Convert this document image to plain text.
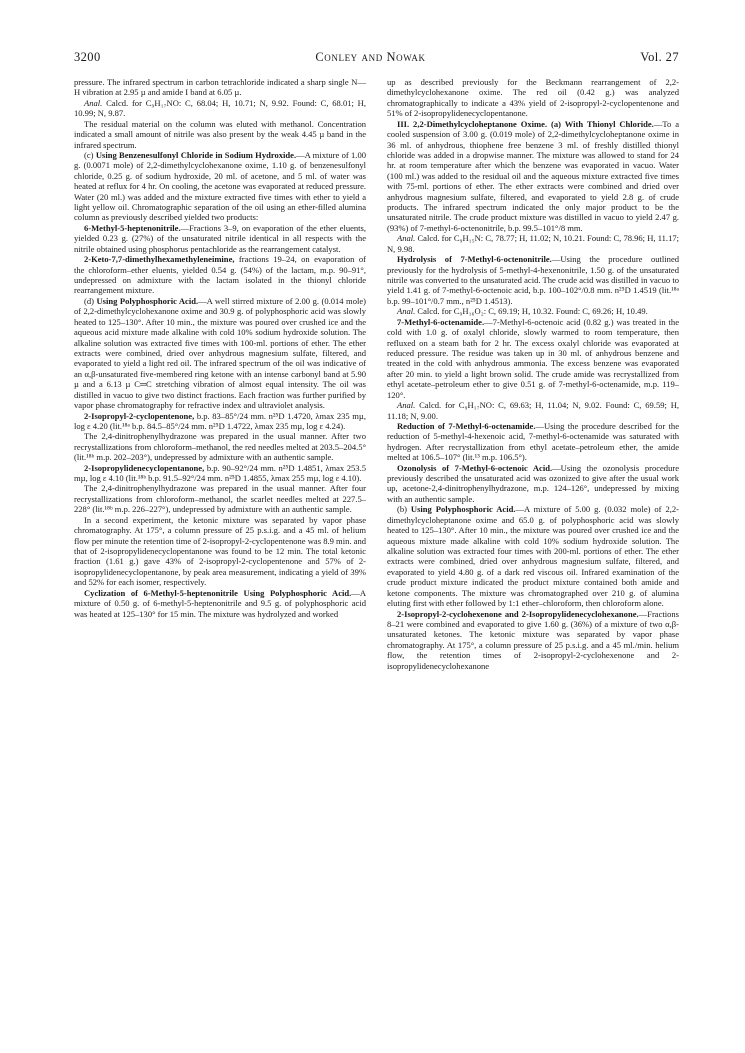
3200	Conley and Nowak	Vol. 27

pressure. The infrared spectrum in carbon tetrachloride indicated a sharp single N—H vibration at 2.95 µ and amide I band at 6.05 µ.

Anal. Calcd. for C₉H₁₇NO: C, 68.04; H, 10.71; N, 9.92. Found: C, 68.01; H, 10.99; N, 9.87.

The residual material on the column was eluted with methanol. Concentration indicated a small amount of nitrile was also present by the weak 4.45 µ band in the infrared spectrum.

(c) Using Benzenesulfonyl Chloride in Sodium Hydroxide.—A mixture of 1.00 g. (0.0071 mole) of 2,2-dimethylcyclohexanone oxime, 1.10 g. of benzenesulfonyl chloride, 0.25 g. of sodium hydroxide, 20 ml. of acetone, and 5 ml. of water was heated at reflux for 4 hr. On cooling, the acetone was evaporated at reduced pressure. Water (20 ml.) was added and the mixture extracted five times with ether to yield a light yellow oil. Chromatographic separation of the oil using an ether-filled alumina column as previously described yielded two products:

6-Methyl-5-heptenonitrile.—Fractions 3–9, on evaporation of the ether eluents, yielded 0.23 g. (27%) of the unsaturated nitrile identical in all respects with the nitrile obtained using phosphorus pentachloride as the rearrangement catalyst.

2-Keto-7,7-dimethylhexamethyleneimine, fractions 19–24, on evaporation of the chloroform–ether eluents, yielded 0.54 g. (54%) of the lactam, m.p. 90–91°, undepressed on admixture with the lactam isolated in the thionyl chloride rearrangement mixture.

(d) Using Polyphosphoric Acid.—A well stirred mixture of 2.00 g. (0.014 mole) of 2,2-dimethylcyclohexanone oxime and 30.9 g. of polyphosphoric acid was slowly heated to 125–130°. After 10 min., the mixture was poured over crushed ice and the aqueous acid mixture made alkaline with cold 10% sodium hydroxide solution. The alkaline solution was extracted five times with 100-ml. portions of ether. The ether extracts were combined, dried over anhydrous magnesium sulfate, filtered, and evaporated to yield a light red oil. The infrared spectrum of the oil was indicative of an α,β-unsaturated five-membered ring ketone with an intense carbonyl band at 5.90 µ and a 6.13 µ C═C stretching vibration of almost equal intensity. The oil was distilled in vacuo to give two distinct fractions. Each fraction was further purified by vapor phase chromatography for refractive index and ultraviolet analysis.

2-Isopropyl-2-cyclopentenone, b.p. 83–85°/24 mm. n²⁵D 1.4720, λmax 235 mµ, log ε 4.20 (lit.¹⁸ᵃ b.p. 84.5–85°/24 mm. n²⁵D 1.4722, λmax 235 mµ, log ε 4.24).

The 2,4-dinitrophenylhydrazone was prepared in the usual manner. After two recrystallizations from chloroform–methanol, the red needles melted at 203.5–204.5° (lit.¹⁸ᵇ m.p. 202–203°), undepressed by admixture with an authentic sample.

2-Isopropylidenecyclopentanone, b.p. 90–92°/24 mm. n²⁵D 1.4851, λmax 253.5 mµ, log ε 4.10 (lit.¹⁸ᵇ b.p. 91.5–92°/24 mm. n²⁵D 1.4855, λmax 255 mµ, log ε 4.10).

The 2,4-dinitrophenylhydrazone was prepared in the usual manner. After four recrystallizations from chloroform–methanol, the scarlet needles melted at 227.5–228° (lit.¹⁸ᵇ m.p. 226–227°), undepressed by admixture with an authentic sample.

In a second experiment, the ketonic mixture was separated by vapor phase chromatography. At 175°, a column pressure of 25 p.s.i.g. and a 45 ml. of helium flow per minute the retention time of 2-isopropyl-2-cyclopentenone was 8.9 min. and that of 2-isopropylidenecyclopentanone was found to be 12 min. The total ketonic fraction (1.61 g.) gave 43% of 2-isopropyl-2-cyclopentenone and 57% of 2-isopropylidenecyclopentanone, by peak area measurement, indicating a yield of 39% and 52% for each isomer, respectively.

Cyclization of 6-Methyl-5-heptenonitrile Using Polyphosphoric Acid.—A mixture of 0.50 g. of 6-methyl-5-heptenonitrile and 9.5 g. of polyphosphoric acid was heated at 125–130° for 15 min. The mixture was hydrolyzed and worked

up as described previously for the Beckmann rearrangement of 2,2-dimethylcyclohexanone oxime. The red oil (0.42 g.) was analyzed chromatographically to indicate a 43% yield of 2-isopropyl-2-cyclopentenone and 51% of 2-isopropylidenecyclopentanone.

III. 2,2-Dimethylcycloheptanone Oxime. (a) With Thionyl Chloride.—To a cooled suspension of 3.00 g. (0.019 mole) of 2,2-dimethylcycloheptanone oxime in 36 ml. of anhydrous, thiophene free benzene 3 ml. of freshly distilled thionyl chloride was added in a dropwise manner. The mixture was allowed to stand for 24 hr. at room temperature after which the benzene was evaporated in vacuo. Water (100 ml.) was added to the residual oil and the aqueous mixture extracted five times with 75-ml. portions of ether. The ether extracts were combined and dried over anhydrous magnesium sulfate, filtered, and evaporated to yield 2.8 g. of crude products. The infrared spectrum indicated the only major product to be the unsaturated nitrile. The crude product mixture was distilled in vacuo to yield 2.47 g. (93%) of 7-methyl-6-octenonitrile, b.p. 99.5–101°/8 mm.

Anal. Calcd. for C₉H₁₅N: C, 78.77; H, 11.02; N, 10.21. Found: C, 78.96; H, 11.17; N, 9.98.

Hydrolysis of 7-Methyl-6-octenonitrile.—Using the procedure outlined previously for the hydrolysis of 5-methyl-4-hexenonitrile, 1.50 g. of the unsaturated nitrile was converted to the unsaturated acid. The crude acid was distilled in vacuo to yield 1.41 g. of 7-methyl-6-octenoic acid, b.p. 100–102°/0.8 mm. n²⁵D 1.4519 (lit.¹⁸ᵃ b.p. 99–101°/0.7 mm., n²⁵D 1.4513).

Anal. Calcd. for C₉H₁₆O₂: C, 69.19; H, 10.32. Found: C, 69.26; H, 10.49.

7-Methyl-6-octenamide.—7-Methyl-6-octenoic acid (0.82 g.) was treated in the cold with 1.0 g. of oxalyl chloride, slowly warmed to room temperature, then refluxed on a steam bath for 2 hr. The excess oxalyl chloride was evaporated at reduced pressure. The residue was taken up in 30 ml. of anhydrous benzene and treated in the cold with anhydrous ammonia. The excess benzene was evaporated after 20 min. to yield a light brown solid. The crude amide was recrystallized from ethyl acetate–petroleum ether to give 0.51 g. of 7-methyl-6-octenamide, m.p. 119–120°.

Anal. Calcd. for C₉H₁₇NO: C, 69.63; H, 11.04; N, 9.02. Found: C, 69.59; H, 11.18; N, 9.00.

Reduction of 7-Methyl-6-octenamide.—Using the procedure described for the reduction of 5-methyl-4-hexenoic acid, 7-methyl-6-octenamide was saturated with hydrogen. After recrystallization from ethyl acetate–petroleum ether, the amide melted at 106.5–107° (lit.¹³ m.p. 106.5°).

Ozonolysis of 7-Methyl-6-octenoic Acid.—Using the ozonolysis procedure previously described the unsaturated acid was ozonized to give after the usual work up, acetone-2,4-dinitrophenylhydrazone, m.p. 124–126°, undepressed by mixing with an authentic sample.

(b) Using Polyphosphoric Acid.—A mixture of 5.00 g. (0.032 mole) of 2,2-dimethylcycloheptanone oxime and 65.0 g. of polyphosphoric acid was slowly heated to 125–130°. After 10 min., the mixture was poured over crushed ice and the aqueous mixture made alkaline with cold 10% sodium hydroxide solution. The alkaline solution was extracted four times with 200-ml. portions of ether. The ether extracts were combined, dried over anhydrous magnesium sulfate, filtered, and evaporated to yield 4.80 g. of a dark red viscous oil. Infrared examination of the crude product mixture indicated the product mixture contained both amide and ketone components. The mixture was chromatographed over 210 g. of alumina eluting first with ether followed by 1:1 ether–chloroform, then chloroform alone.

2-Isopropyl-2-cyclohexenone and 2-Isopropylidenecyclohexanone.—Fractions 8–21 were combined and evaporated to give 1.60 g. (36%) of a mixture of two α,β-unsaturated ketones. The ketonic mixture was separated by vapor phase chromatography. At 175°, a column pressure of 25 p.s.i.g. and a 45 ml./min. helium flow, the retention times of 2-isopropyl-2-cyclohexenone and 2-isopropylidenecyclohexanone
